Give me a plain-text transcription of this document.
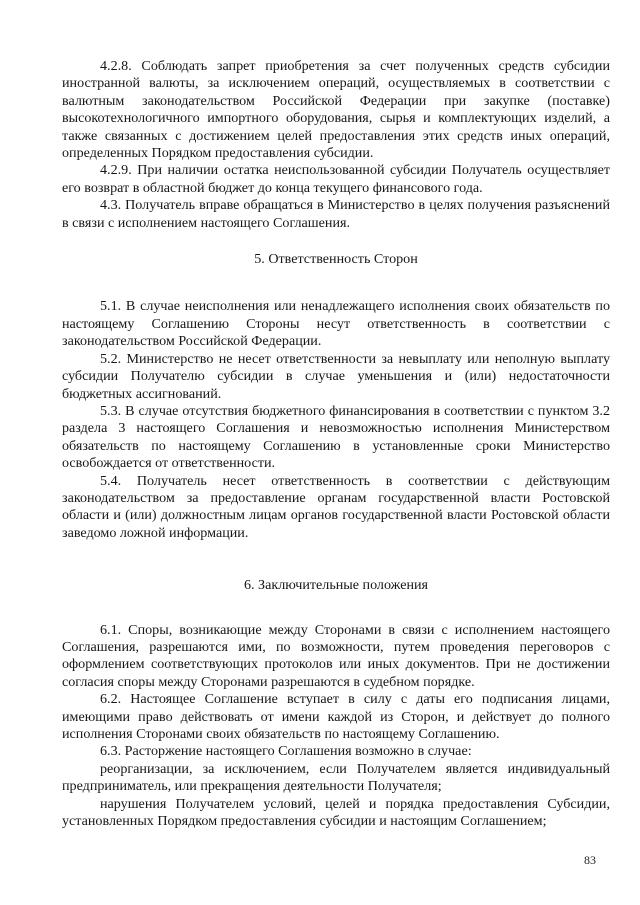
4.2.8. Соблюдать запрет приобретения за счет полученных средств субсидии иностранной валюты, за исключением операций, осуществляемых в соответствии с валютным законодательством Российской Федерации при закупке (поставке) высокотехнологичного импортного оборудования, сырья и комплектующих изделий, а также связанных с достижением целей предоставления этих средств иных операций, определенных Порядком предоставления субсидии.

4.2.9. При наличии остатка неиспользованной субсидии Получатель осуществляет его возврат в областной бюджет до конца текущего финансового года.

4.3. Получатель вправе обращаться в Министерство в целях получения разъяснений в связи с исполнением настоящего Соглашения.

5. Ответственность Сторон

5.1. В случае неисполнения или ненадлежащего исполнения своих обязательств по настоящему Соглашению Стороны несут ответственность в соответствии с законодательством Российской Федерации.

5.2. Министерство не несет ответственности за невыплату или неполную выплату субсидии Получателю субсидии в случае уменьшения и (или) недостаточности бюджетных ассигнований.

5.3. В случае отсутствия бюджетного финансирования в соответствии с пунктом 3.2 раздела 3 настоящего Соглашения и невозможностью исполнения Министерством обязательств по настоящему Соглашению в установленные сроки Министерство освобождается от ответственности.

5.4. Получатель несет ответственность в соответствии с действующим законодательством за предоставление органам государственной власти Ростовской области и (или) должностным лицам органов государственной власти Ростовской области заведомо ложной информации.

6. Заключительные положения

6.1. Споры, возникающие между Сторонами в связи с исполнением настоящего Соглашения, разрешаются ими, по возможности, путем проведения переговоров с оформлением соответствующих протоколов или иных документов. При не достижении согласия споры между Сторонами разрешаются в судебном порядке.

6.2. Настоящее Соглашение вступает в силу с даты его подписания лицами, имеющими право действовать от имени каждой из Сторон, и действует до полного исполнения Сторонами своих обязательств по настоящему Соглашению.

6.3. Расторжение настоящего Соглашения возможно в случае:

реорганизации, за исключением, если Получателем является индивидуальный предприниматель, или прекращения деятельности Получателя;

нарушения Получателем условий, целей и порядка предоставления Субсидии, установленных Порядком предоставления субсидии и настоящим Соглашением;

83
